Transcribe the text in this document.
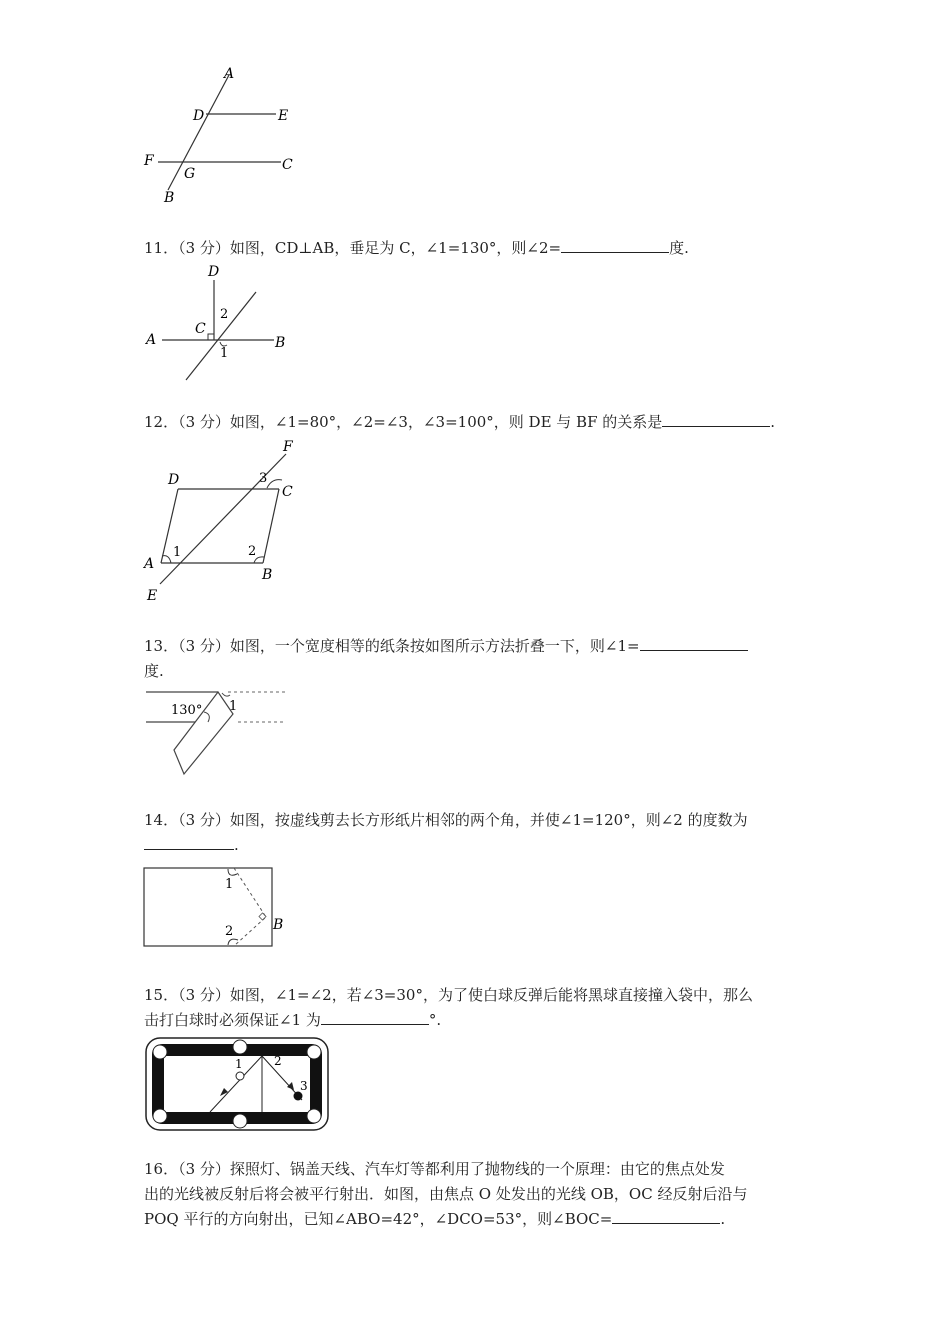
A
D	E
F
G
C
B
11．（3 分）如图，CD⊥AB，垂足为 C，∠1=130°，则∠2=	度.
D
C
A	B
2
1
12．（3 分）如图，∠1=80°，∠2=∠3，∠3=100°，则 DE 与 BF 的关系是	.
F
D	3
C
1	2
A
B
E
13．（3 分）如图，一个宽度相等的纸条按如图所示方法折叠一下，则∠1=
度.
130° 1
14．（3 分）如图，按虚线剪去长方形纸片相邻的两个角，并使∠1=120°，则∠2 的度数为
.
1
2	B
15．（3 分）如图，∠1=∠2，若∠3=30°，为了使白球反弹后能将黑球直接撞入袋中，那么
击打白球时必须保证∠1 为	°.
1	2
3
16．（3 分）探照灯、锅盖天线、汽车灯等都利用了抛物线的一个原理：由它的焦点处发
出的光线被反射后将会被平行射出．如图，由焦点 O 处发出的光线 OB，OC 经反射后沿与
POQ 平行的方向射出，已知∠ABO=42°，∠DCO=53°，则∠BOC=	.
